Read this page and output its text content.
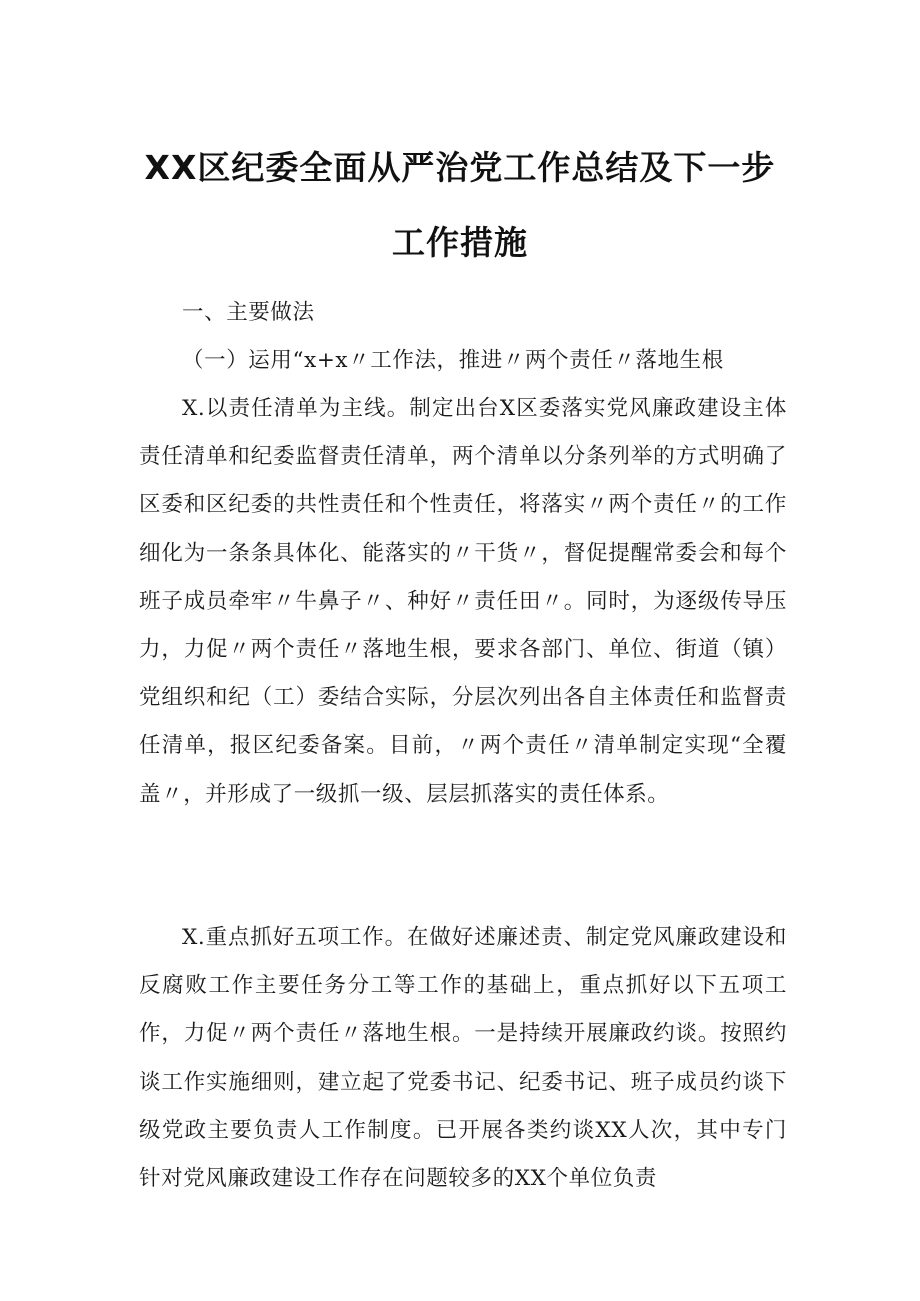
XX区纪委全面从严治党工作总结及下一步
工作措施
一、主要做法
（一）运用“x+x〃工作法，推进〃两个责任〃落地生根
X.以责任清单为主线。制定出台X区委落实党风廉政建设主体责任清单和纪委监督责任清单，两个清单以分条列举的方式明确了区委和区纪委的共性责任和个性责任，将落实〃两个责任〃的工作细化为一条条具体化、能落实的〃干货〃，督促提醒常委会和每个班子成员牵牢〃牛鼻子〃、种好〃责任田〃。同时，为逐级传导压力，力促〃两个责任〃落地生根，要求各部门、单位、街道（镇）党组织和纪（工）委结合实际，分层次列出各自主体责任和监督责任清单，报区纪委备案。目前，〃两个责任〃清单制定实现“全覆盖〃，并形成了一级抓一级、层层抓落实的责任体系。
X.重点抓好五项工作。在做好述廉述责、制定党风廉政建设和反腐败工作主要任务分工等工作的基础上，重点抓好以下五项工作，力促〃两个责任〃落地生根。一是持续开展廉政约谈。按照约谈工作实施细则，建立起了党委书记、纪委书记、班子成员约谈下级党政主要负责人工作制度。已开展各类约谈XX人次，其中专门针对党风廉政建设工作存在问题较多的XX个单位负责
